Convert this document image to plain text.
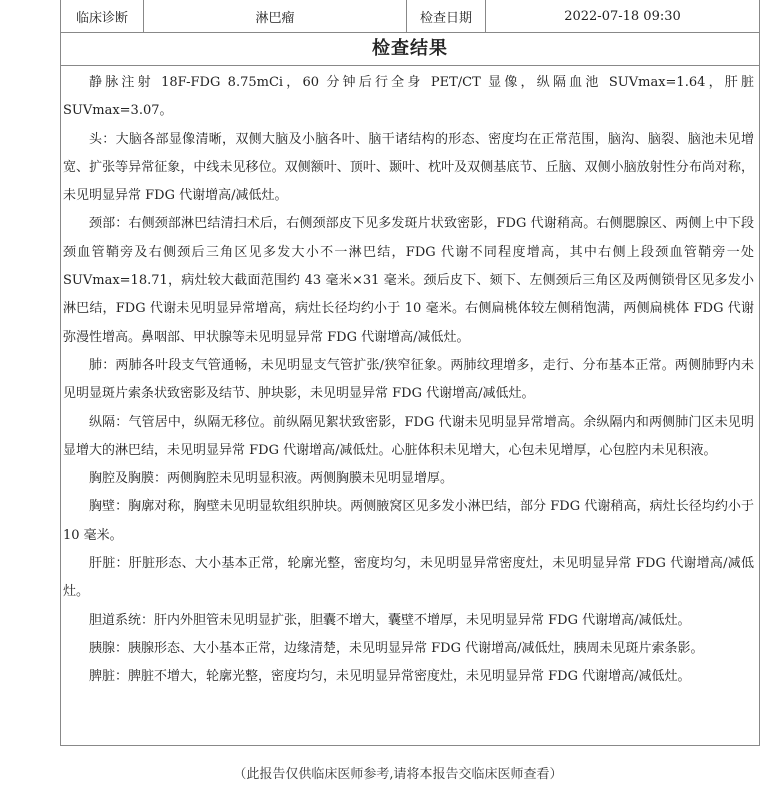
临床诊断	淋巴瘤	检查日期	2022-07-18 09:30
检查结果

静脉注射 18F-FDG 8.75mCi，60 分钟后行全身 PET/CT 显像，纵隔血池 SUVmax=1.64，肝脏 SUVmax=3.07。

头：大脑各部显像清晰，双侧大脑及小脑各叶、脑干诸结构的形态、密度均在正常范围，脑沟、脑裂、脑池未见增宽、扩张等异常征象，中线未见移位。双侧额叶、顶叶、颞叶、枕叶及双侧基底节、丘脑、双侧小脑放射性分布尚对称，未见明显异常 FDG 代谢增高/减低灶。

颈部：右侧颈部淋巴结清扫术后，右侧颈部皮下见多发斑片状致密影，FDG 代谢稍高。右侧腮腺区、两侧上中下段颈血管鞘旁及右侧颈后三角区见多发大小不一淋巴结，FDG 代谢不同程度增高，其中右侧上段颈血管鞘旁一处 SUVmax=18.71，病灶较大截面范围约 43 毫米×31 毫米。颈后皮下、颏下、左侧颈后三角区及两侧锁骨区见多发小淋巴结，FDG 代谢未见明显异常增高，病灶长径均约小于 10 毫米。右侧扁桃体较左侧稍饱满，两侧扁桃体 FDG 代谢弥漫性增高。鼻咽部、甲状腺等未见明显异常 FDG 代谢增高/减低灶。

肺：两肺各叶段支气管通畅，未见明显支气管扩张/狭窄征象。两肺纹理增多，走行、分布基本正常。两侧肺野内未见明显斑片索条状致密影及结节、肿块影，未见明显异常 FDG 代谢增高/减低灶。

纵隔：气管居中，纵隔无移位。前纵隔见絮状致密影，FDG 代谢未见明显异常增高。余纵隔内和两侧肺门区未见明显增大的淋巴结，未见明显异常 FDG 代谢增高/减低灶。心脏体积未见增大，心包未见增厚，心包腔内未见积液。

胸腔及胸膜：两侧胸腔未见明显积液。两侧胸膜未见明显增厚。

胸壁：胸廓对称，胸壁未见明显软组织肿块。两侧腋窝区见多发小淋巴结，部分 FDG 代谢稍高，病灶长径均约小于 10 毫米。

肝脏：肝脏形态、大小基本正常，轮廓光整，密度均匀，未见明显异常密度灶，未见明显异常 FDG 代谢增高/减低灶。

胆道系统：肝内外胆管未见明显扩张，胆囊不增大，囊壁不增厚，未见明显异常 FDG 代谢增高/减低灶。

胰腺：胰腺形态、大小基本正常，边缘清楚，未见明显异常 FDG 代谢增高/减低灶，胰周未见斑片索条影。

脾脏：脾脏不增大，轮廓光整，密度均匀，未见明显异常密度灶，未见明显异常 FDG 代谢增高/减低灶。

（此报告仅供临床医师参考,请将本报告交临床医师查看）
